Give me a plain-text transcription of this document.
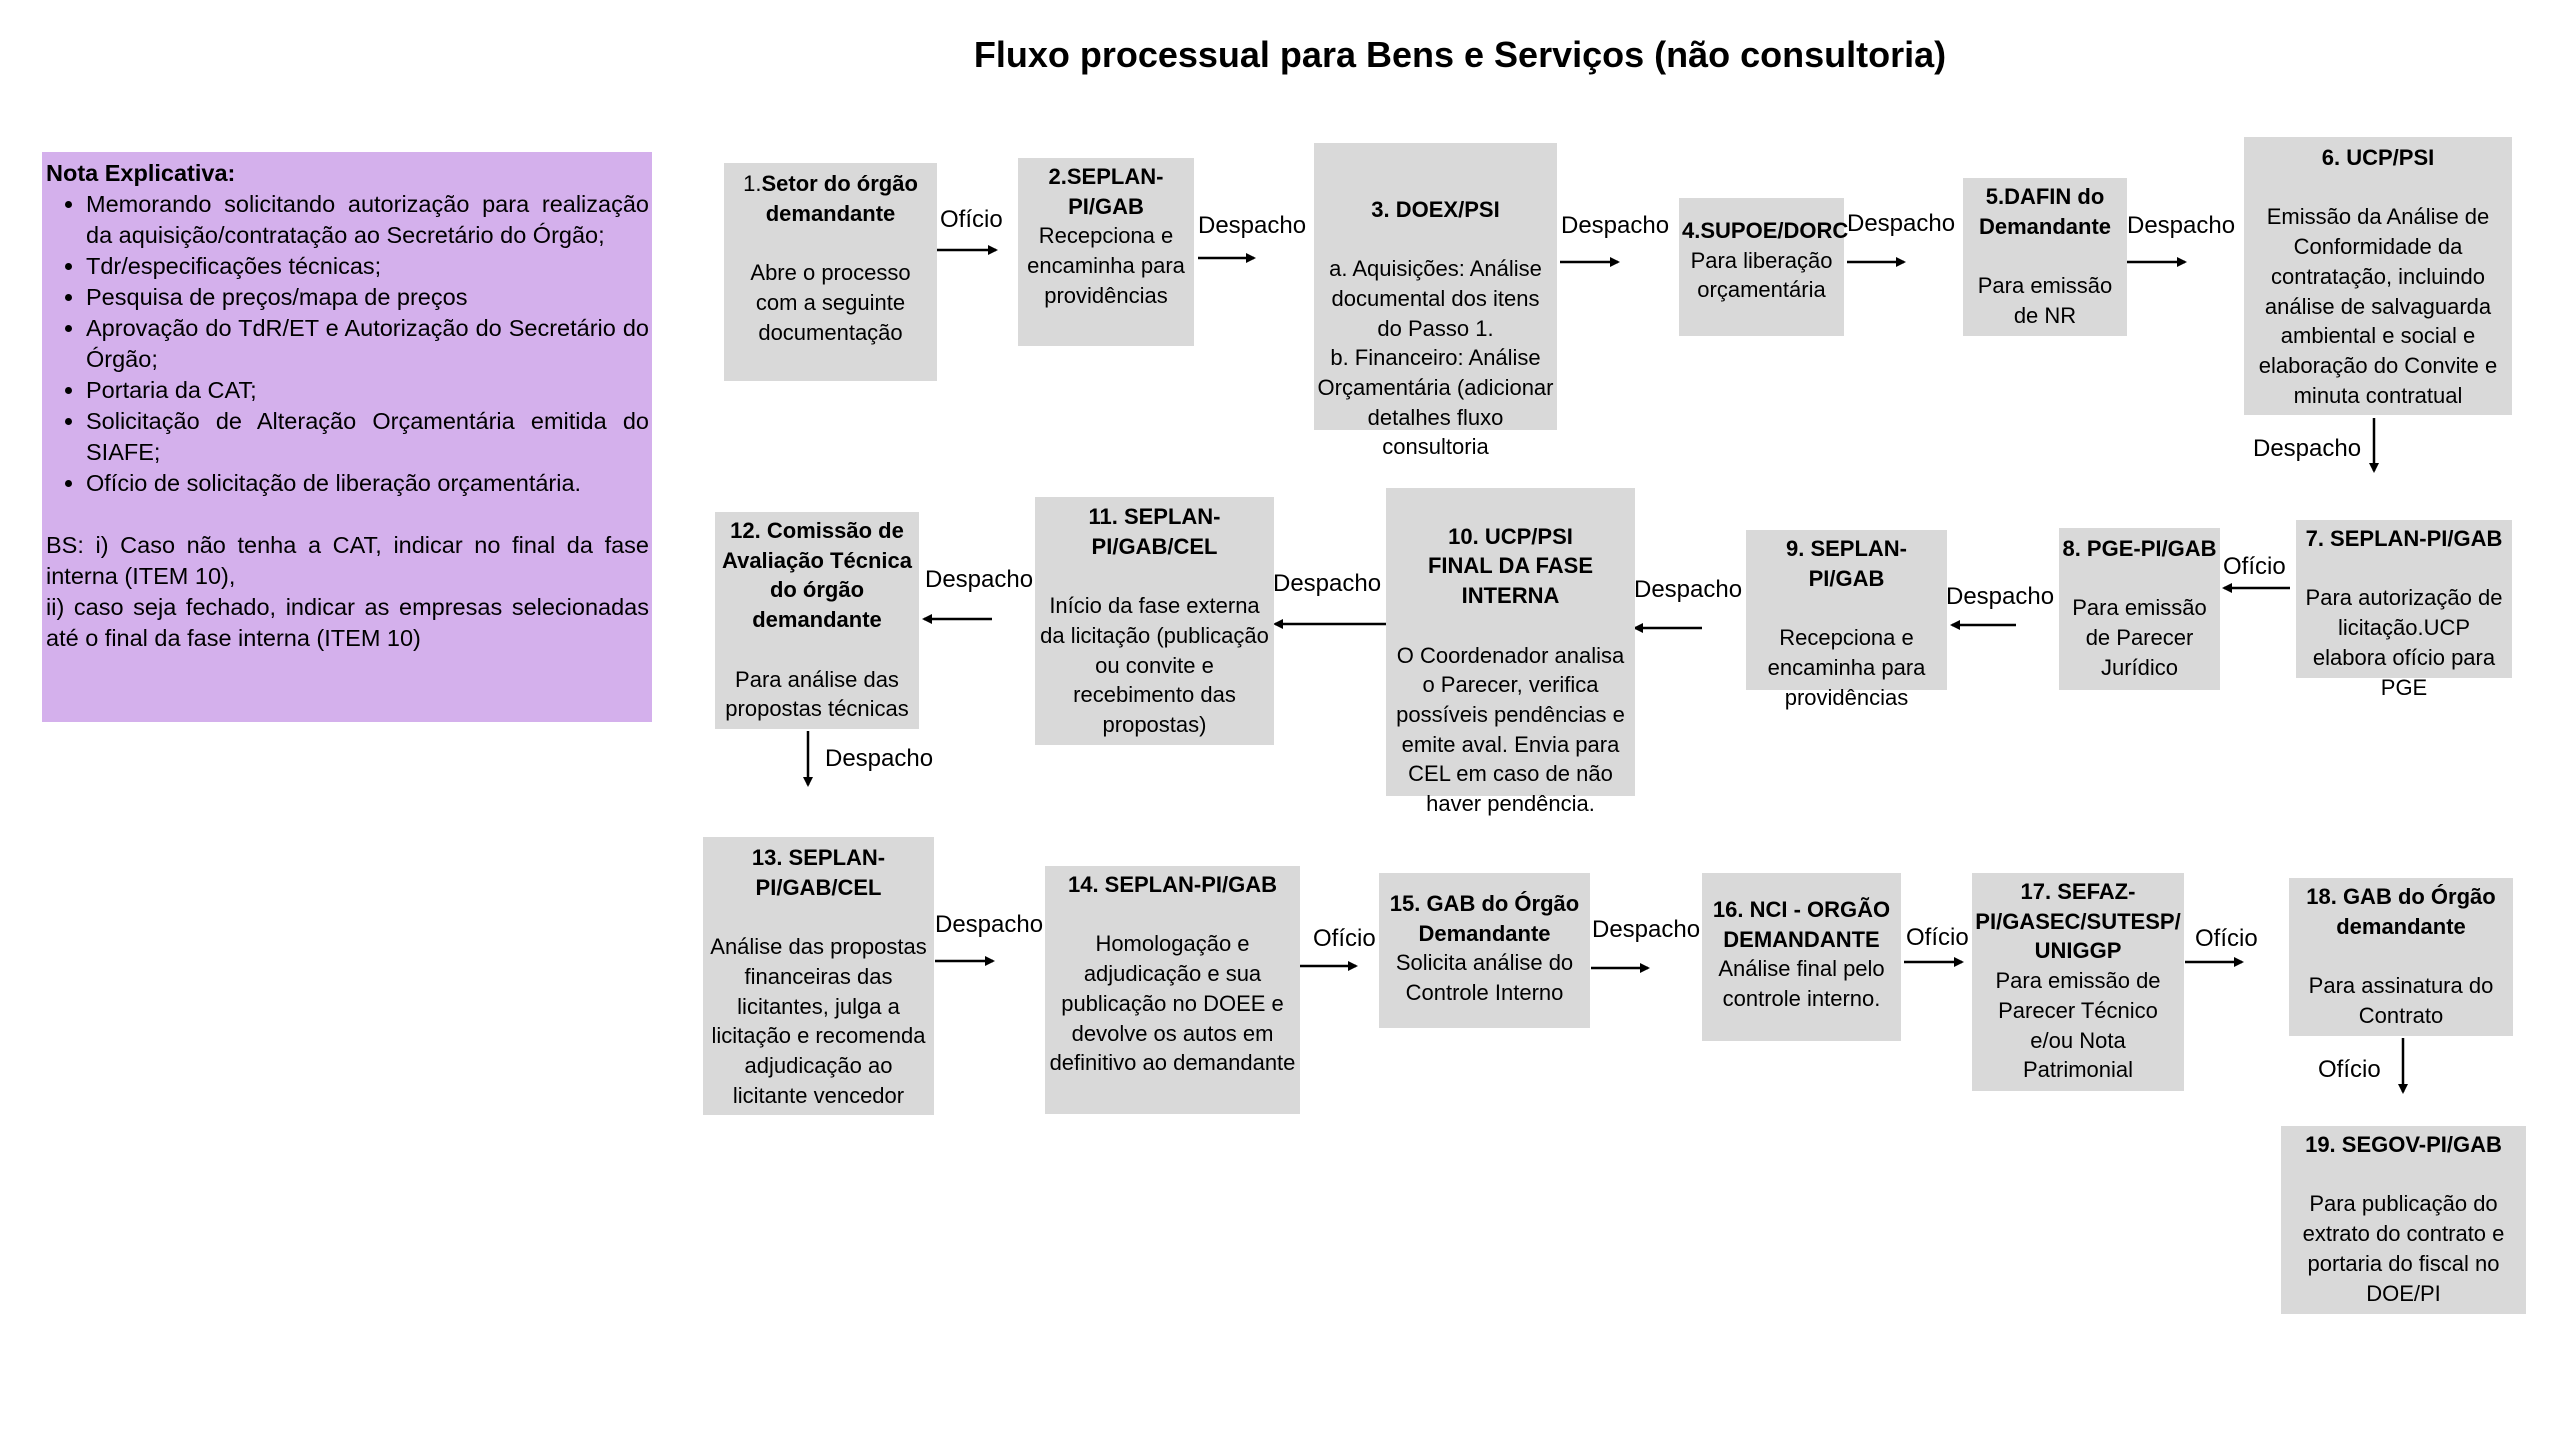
Fluxo processual para Bens e Serviços (não consultoria)
Nota Explicativa:
• Memorando solicitando autorização para realização da aquisição/contratação ao Secretário do Órgão;
• Tdr/especificações técnicas;
• Pesquisa de preços/mapa de preços
• Aprovação do TdR/ET e Autorização do Secretário do Órgão;
• Portaria da CAT;
• Solicitação de Alteração Orçamentária emitida do SIAFE;
• Ofício de solicitação de liberação orçamentária.

BS: i) Caso não tenha a CAT, indicar no final da fase interna (ITEM 10),

ii) caso seja fechado, indicar as empresas selecionadas até o final da fase interna (ITEM 10)

1.Setor do órgão demandante
Abre o processo com a seguinte documentação
2.SEPLAN-PI/GAB
Recepciona e encaminha para providências

3. DOEX/PSI

a. Aquisições: Análise documental dos itens do Passo 1.
b. Financeiro: Análise Orçamentária (adicionar detalhes fluxo consultoria

4.SUPOE/DORC
Para liberação orçamentária
5.DAFIN do Demandante
Para emissão de NR
6. UCP/PSI
Emissão da Análise de Conformidade da contratação, incluindo análise de salvaguarda ambiental e social e elaboração do Convite e minuta contratual
7. SEPLAN-PI/GAB
Para autorização de licitação.UCP elabora ofício para PGE
8. PGE-PI/GAB
Para emissão de Parecer Jurídico
9. SEPLAN-PI/GAB
Recepciona e encaminha para providências

10. UCP/PSI
FINAL DA FASE INTERNA

O Coordenador analisa o Parecer, verifica possíveis pendências e emite aval. Envia para CEL em caso de não haver pendência.

11. SEPLAN-PI/GAB/CEL
Início da fase externa da licitação (publicação ou convite e recebimento das propostas)
12. Comissão de Avaliação Técnica do órgão demandante
Para análise das propostas técnicas
13. SEPLAN-PI/GAB/CEL
Análise das propostas financeiras das licitantes, julga a licitação e recomenda adjudicação ao licitante vencedor
14. SEPLAN-PI/GAB
Homologação e adjudicação e sua publicação no DOEE e devolve os autos em definitivo ao demandante
15. GAB do Órgão Demandante
Solicita análise do Controle Interno
16. NCI - ORGÃO DEMANDANTE
Análise final pelo controle interno.
17. SEFAZ-PI/GASEC/SUTESP/ UNIGGP
Para emissão de Parecer Técnico e/ou Nota Patrimonial
18. GAB do Órgão demandante
Para assinatura do Contrato
19. SEGOV-PI/GAB
Para publicação do extrato do contrato e portaria do fiscal no DOE/PI
Ofício	Despacho	Despacho	Despacho	Despacho
Despacho
Ofício
Despacho
Despacho
Despacho
Despacho
Despacho
Despacho
Ofício	Despacho	Ofício	Ofício
Ofício
